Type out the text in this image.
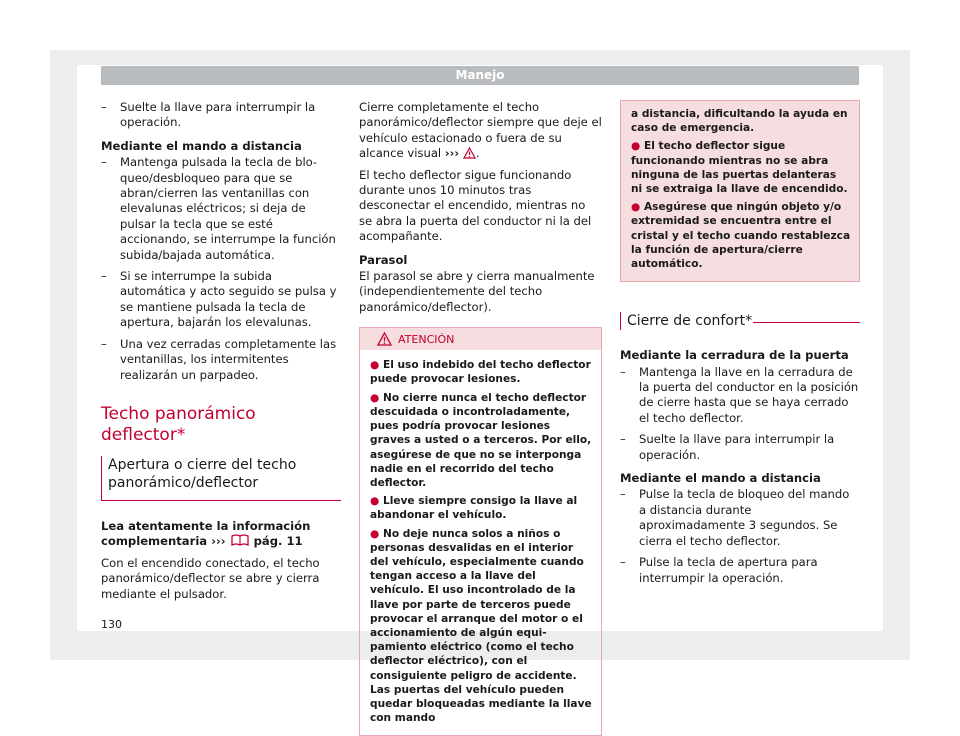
Manejo
– Suelte la llave para interrumpir la operación.
Mediante el mando a distancia
– Mantenga pulsada la tecla de bloqueo/desbloqueo para que se abran/cierren las ventanillas con elevalunas eléctricos; si deja de pulsar la tecla que se esté accionando, se interrumpe la función subida/bajada automática.
– Si se interrumpe la subida automática y acto seguido se pulsa y se mantiene pulsada la tecla de apertura, bajarán los elevalunas.
– Una vez cerradas completamente las ventanillas, los intermitentes realizarán un parpadeo.
Techo panorámico deflector*
Apertura o cierre del techo panorámico/deflector
Lea atentamente la información complementaria ››› pág. 11
Con el encendido conectado, el techo panorámico/deflector se abre y cierra mediante el pulsador.
Cierre completamente el techo panorámico/deflector siempre que deje el vehículo estacionado o fuera de su alcance visual ››› .
El techo deflector sigue funcionando durante unos 10 minutos tras desconectar el encendido, mientras no se abra la puerta del conductor ni la del acompañante.
Parasol
El parasol se abre y cierra manualmente (independientemente del techo panorámico/deflector).
ATENCIÓN
● El uso indebido del techo deflector puede provocar lesiones.
● No cierre nunca el techo deflector descuidada o incontroladamente, pues podría provocar lesiones graves a usted o a terceros. Por ello, asegúrese de que no se interponga nadie en el recorrido del techo deflector.
● Lleve siempre consigo la llave al abandonar el vehículo.
● No deje nunca solos a niños o personas desvalidas en el interior del vehículo, especialmente cuando tengan acceso a la llave del vehículo. El uso incontrolado de la llave por parte de terceros puede provocar el arranque del motor o el accionamiento de algún equipamiento eléctrico (como el techo deflector eléctrico), con el consiguiente peligro de accidente. Las puertas del vehículo pueden quedar bloqueadas mediante la llave con mando
a distancia, dificultando la ayuda en caso de emergencia.
● El techo deflector sigue funcionando mientras no se abra ninguna de las puertas delanteras ni se extraiga la llave de encendido.
● Asegúrese que ningún objeto y/o extremidad se encuentra entre el cristal y el techo cuando restablezca la función de apertura/cierre automático.
Cierre de confort*
Mediante la cerradura de la puerta
– Mantenga la llave en la cerradura de la puerta del conductor en la posición de cierre hasta que se haya cerrado el techo deflector.
– Suelte la llave para interrumpir la operación.
Mediante el mando a distancia
– Pulse la tecla de bloqueo del mando a distancia durante aproximadamente 3 segundos. Se cierra el techo deflector.
– Pulse la tecla de apertura para interrumpir la operación.
130
